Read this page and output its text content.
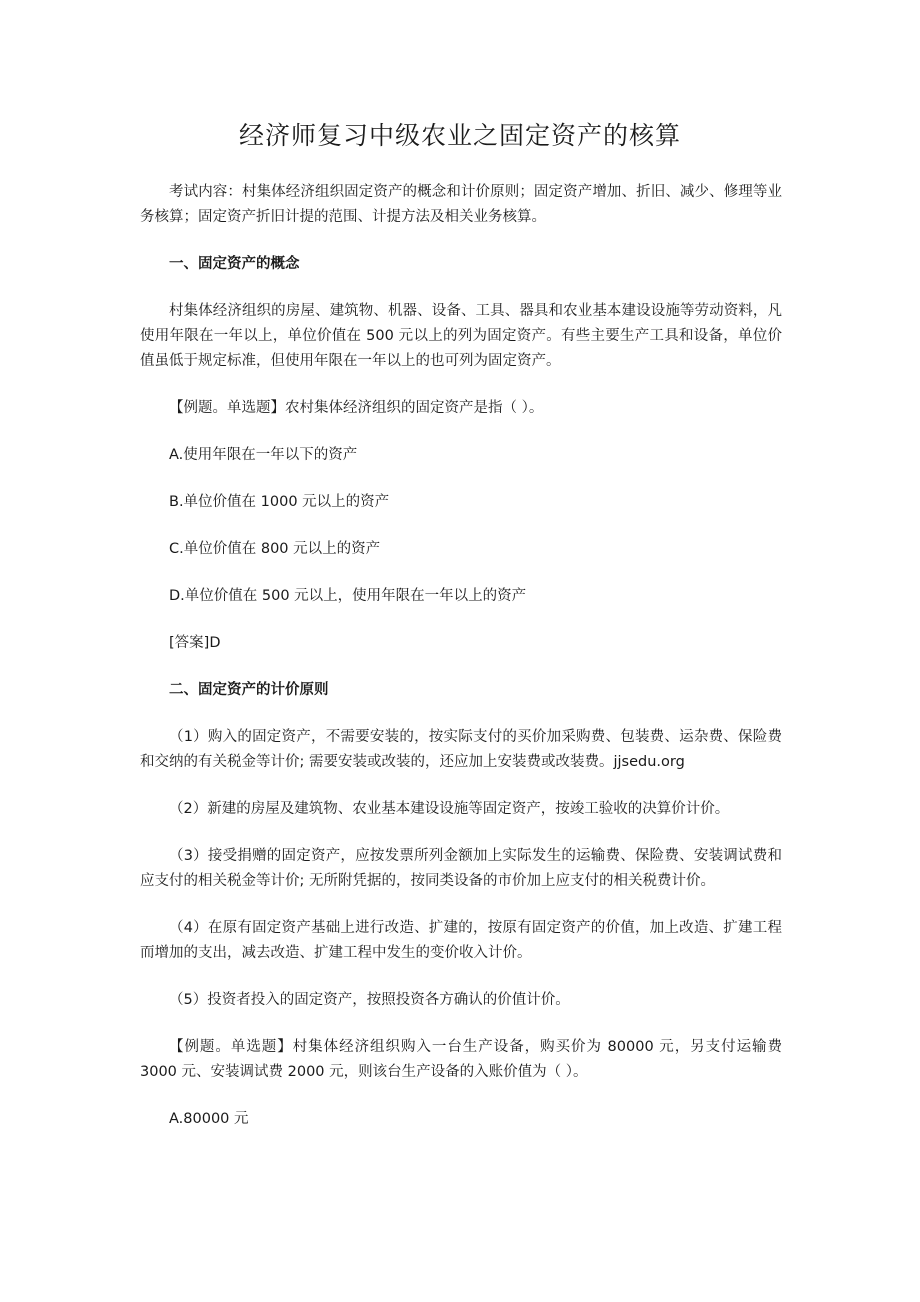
经济师复习中级农业之固定资产的核算

考试内容：村集体经济组织固定资产的概念和计价原则；固定资产增加、折旧、减少、修理等业务核算；固定资产折旧计提的范围、计提方法及相关业务核算。

一、固定资产的概念

村集体经济组织的房屋、建筑物、机器、设备、工具、器具和农业基本建设设施等劳动资料，凡使用年限在一年以上，单位价值在 500 元以上的列为固定资产。有些主要生产工具和设备，单位价值虽低于规定标准，但使用年限在一年以上的也可列为固定资产。

【例题。单选题】农村集体经济组织的固定资产是指（ ）。

A.使用年限在一年以下的资产

B.单位价值在 1000 元以上的资产

C.单位价值在 800 元以上的资产

D.单位价值在 500 元以上，使用年限在一年以上的资产

[答案]D

二、固定资产的计价原则

（1）购入的固定资产，不需要安装的，按实际支付的买价加采购费、包装费、运杂费、保险费和交纳的有关税金等计价; 需要安装或改装的，还应加上安装费或改装费。jjsedu.org

（2）新建的房屋及建筑物、农业基本建设设施等固定资产，按竣工验收的决算价计价。

（3）接受捐赠的固定资产，应按发票所列金额加上实际发生的运输费、保险费、安装调试费和应支付的相关税金等计价; 无所附凭据的，按同类设备的市价加上应支付的相关税费计价。

（4）在原有固定资产基础上进行改造、扩建的，按原有固定资产的价值，加上改造、扩建工程而增加的支出，减去改造、扩建工程中发生的变价收入计价。

（5）投资者投入的固定资产，按照投资各方确认的价值计价。

【例题。单选题】村集体经济组织购入一台生产设备，购买价为 80000 元，另支付运输费 3000 元、安装调试费 2000 元，则该台生产设备的入账价值为（ ）。

A.80000 元
